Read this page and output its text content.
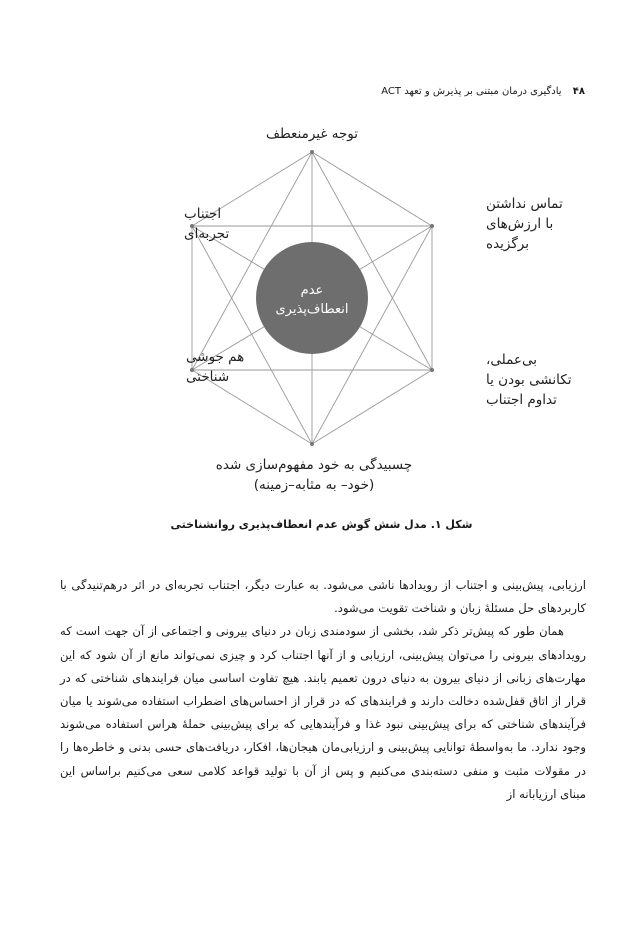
۴۸ یادگیری درمان مبتنی بر پذیرش و تعهد ACT
عدم انعطاف‌پذیری
توجه غیرمنعطف
تماس نداشتن با ارزش‌های برگزیده
بی‌عملی، تکانشی بودن یا تداوم اجتناب
چسبیدگی به خود مفهوم‌سازی شده (خود– به مثابه–زمینه)
هم جوشی شناختی
اجتناب تجربه‌ای
شکل ۱. مدل شش گوش عدم انعطاف‌پذیری روانشناختی

ارزیابی، پیش‌بینی و اجتناب از رویدادها ناشی می‌شود. به عبارت دیگر، اجتناب تجربه‌ای در اثر درهم‌تنیدگی با کاربردهای حل مسئلهٔ زبان و شناخت تقویت می‌شود.

همان طور که پیش‌تر ذکر شد، بخشی از سودمندی زبان در دنیای بیرونی و اجتماعی از آن جهت است که رویدادهای بیرونی را می‌توان پیش‌بینی، ارزیابی و از آنها اجتناب کرد و چیزی نمی‌تواند مانع از آن شود که این مهارت‌های زبانی از دنیای بیرون به دنیای درون تعمیم یابند. هیچ تفاوت اساسی میان فرایندهای شناختی که در قرار از اتاق قفل‌شده دخالت دارند و فرایندهای که در قرار از احساس‌های اضطراب استفاده می‌شوند یا میان فرآیندهای شناختی که برای پیش‌بینی نبود غذا و فرآیندهایی که برای پیش‌بینی حملهٔ هراس استفاده می‌شوند وجود ندارد. ما به‌واسطهٔ توانایی پیش‌بینی و ارزیابی‌مان هیجان‌ها، افکار، دریافت‌های حسی بدنی و خاطره‌ها را در مقولات مثبت و منفی دسته‌بندی می‌کنیم و پس از آن با تولید قواعد کلامی سعی می‌کنیم براساس این مبنای ارزیابانه از
